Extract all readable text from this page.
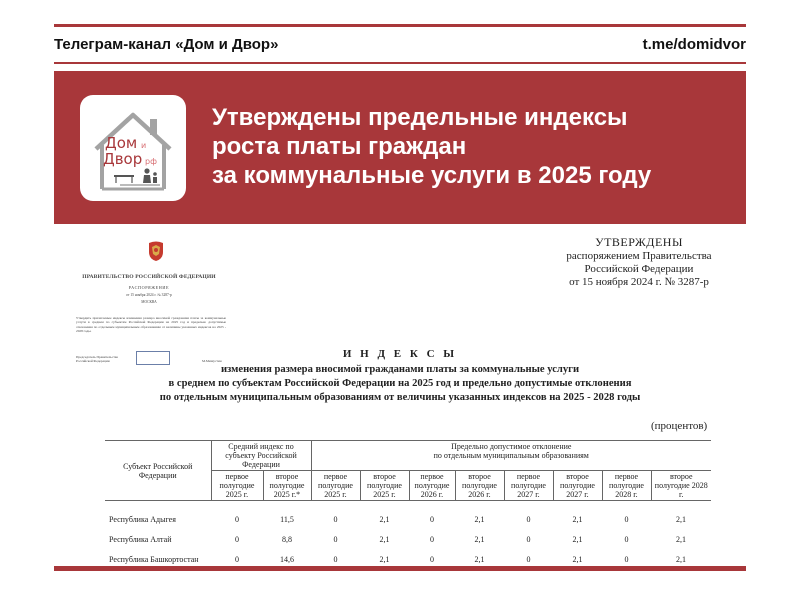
Телеграм-канал «Дом и Двор»	t.me/domidvor
Дом и
Двор рф
Утверждены предельные индексы
роста платы граждан
за коммунальные услуги в 2025 году
ПРАВИТЕЛЬСТВО РОССИЙСКОЙ ФЕДЕРАЦИИ
РАСПОРЯЖЕНИЕ
от 15 ноября 2024 г. № 3287-р
МОСКВА
Утвердить прилагаемые индексы изменения размера вносимой гражданами платы за коммунальные услуги в среднем по субъектам Российской Федерации на 2025 год и предельно допустимые отклонения по отдельным муниципальным образованиям от величины указанных индексов на 2025 - 2028 годы.
Председатель Правительства
Российской Федерации	М.Мишустин
УТВЕРЖДЕНЫ
распоряжением Правительства
Российской Федерации
от 15 ноября 2024 г. № 3287-р
И Н Д Е К С Ы
изменения размера вносимой гражданами платы за коммунальные услуги
в среднем по субъектам Российской Федерации на 2025 год и предельно допустимые отклонения
по отдельным муниципальным образованиям от величины указанных индексов на 2025 - 2028 годы
(процентов)
Субъект Российской Федерации	Средний индекс по субъекту Российской Федерации		Предельно допустимое отклонение
по отдельным муниципальным образованиям							

	первое полугодие 2025 г.	второе полугодие 2025 г.*	первое полугодие 2025 г.	второе полугодие 2025 г.	первое полугодие 2026 г.	второе полугодие 2026 г.	первое полугодие 2027 г.	второе полугодие 2027 г.	первое полугодие 2028 г.	второе полугодие 2028 г.

Республика Адыгея	0	11,5	0	2,1	0	2,1	0	2,1	0	2,1
Республика Алтай	0	8,8	0	2,1	0	2,1	0	2,1	0	2,1
Республика Башкортостан	0	14,6	0	2,1	0	2,1	0	2,1	0	2,1
